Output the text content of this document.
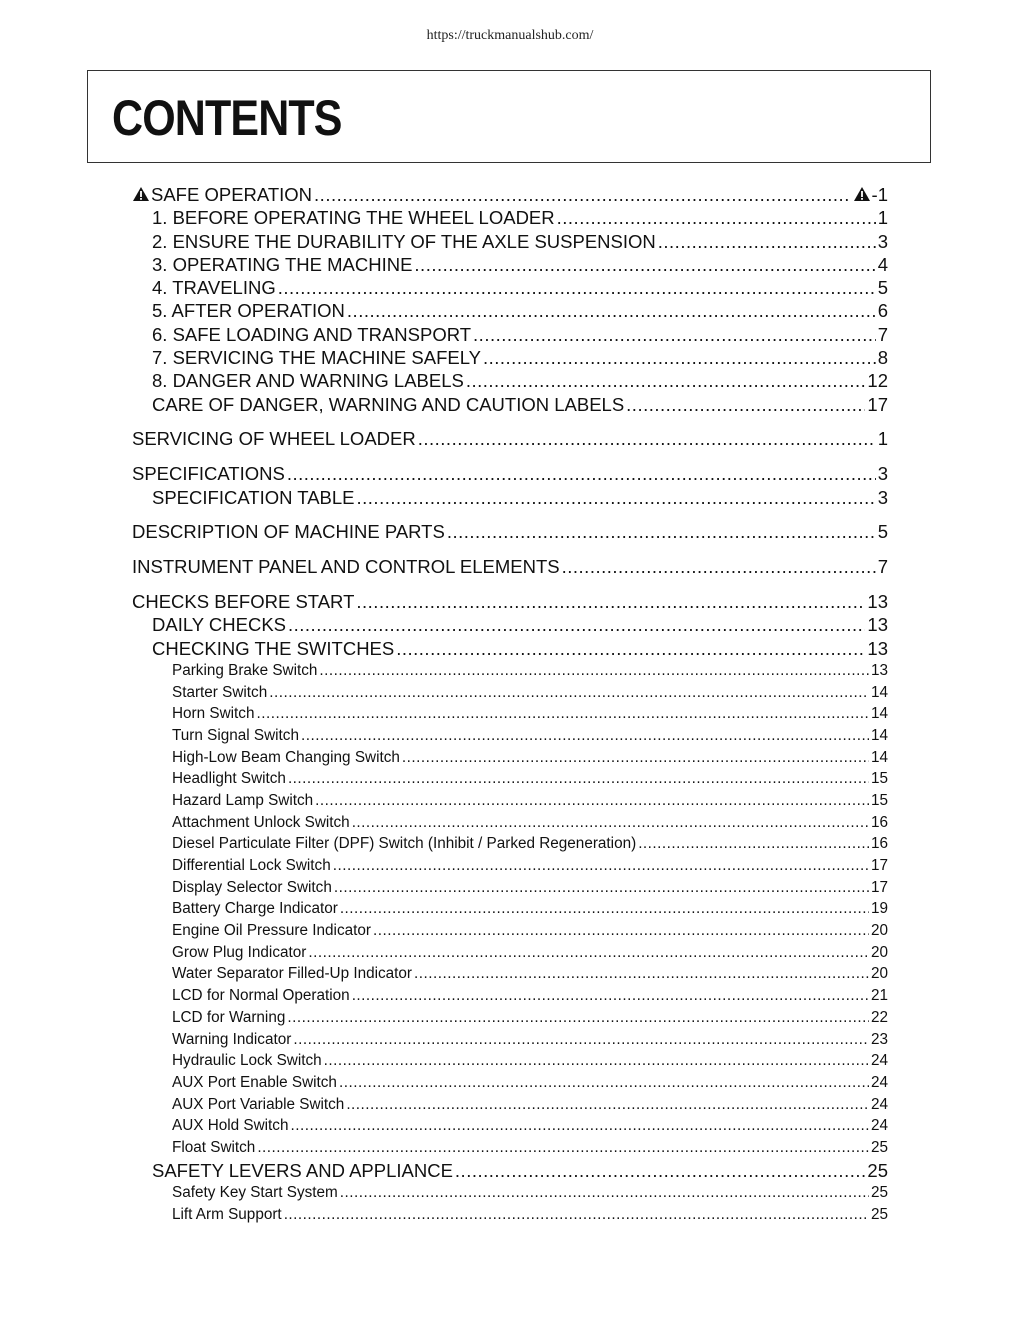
https://truckmanualshub.com/
CONTENTS
SAFE OPERATION .....	-1
1. BEFORE OPERATING THE WHEEL LOADER .....	1
2. ENSURE THE DURABILITY OF THE AXLE SUSPENSION .....	3
3. OPERATING THE MACHINE .....	4
4. TRAVELING .....	5
5. AFTER OPERATION .....	6
6. SAFE LOADING AND TRANSPORT .....	7
7. SERVICING THE MACHINE SAFELY .....	8
8. DANGER AND WARNING LABELS .....	12
CARE OF DANGER, WARNING AND CAUTION LABELS .....	17
SERVICING OF WHEEL LOADER .....	1
SPECIFICATIONS .....	3
SPECIFICATION TABLE .....	3
DESCRIPTION OF MACHINE PARTS .....	5
INSTRUMENT PANEL AND CONTROL ELEMENTS .....	7
CHECKS BEFORE START .....	13
DAILY CHECKS .....	13
CHECKING THE SWITCHES .....	13
Parking Brake Switch .....	13
Starter Switch .....	14
Horn Switch .....	14
Turn Signal Switch .....	14
High-Low Beam Changing Switch .....	14
Headlight Switch .....	15
Hazard Lamp Switch .....	15
Attachment Unlock Switch .....	16
Diesel Particulate Filter (DPF) Switch (Inhibit / Parked Regeneration) .....	16
Differential Lock Switch .....	17
Display Selector Switch .....	17
Battery Charge Indicator .....	19
Engine Oil Pressure Indicator .....	20
Grow Plug Indicator .....	20
Water Separator Filled-Up Indicator .....	20
LCD for Normal Operation .....	21
LCD for Warning .....	22
Warning Indicator .....	23
Hydraulic Lock Switch .....	24
AUX Port Enable Switch .....	24
AUX Port Variable Switch .....	24
AUX Hold Switch .....	24
Float Switch .....	25
SAFETY LEVERS AND APPLIANCE .....	25
Safety Key Start System .....	25
Lift Arm Support .....	25
